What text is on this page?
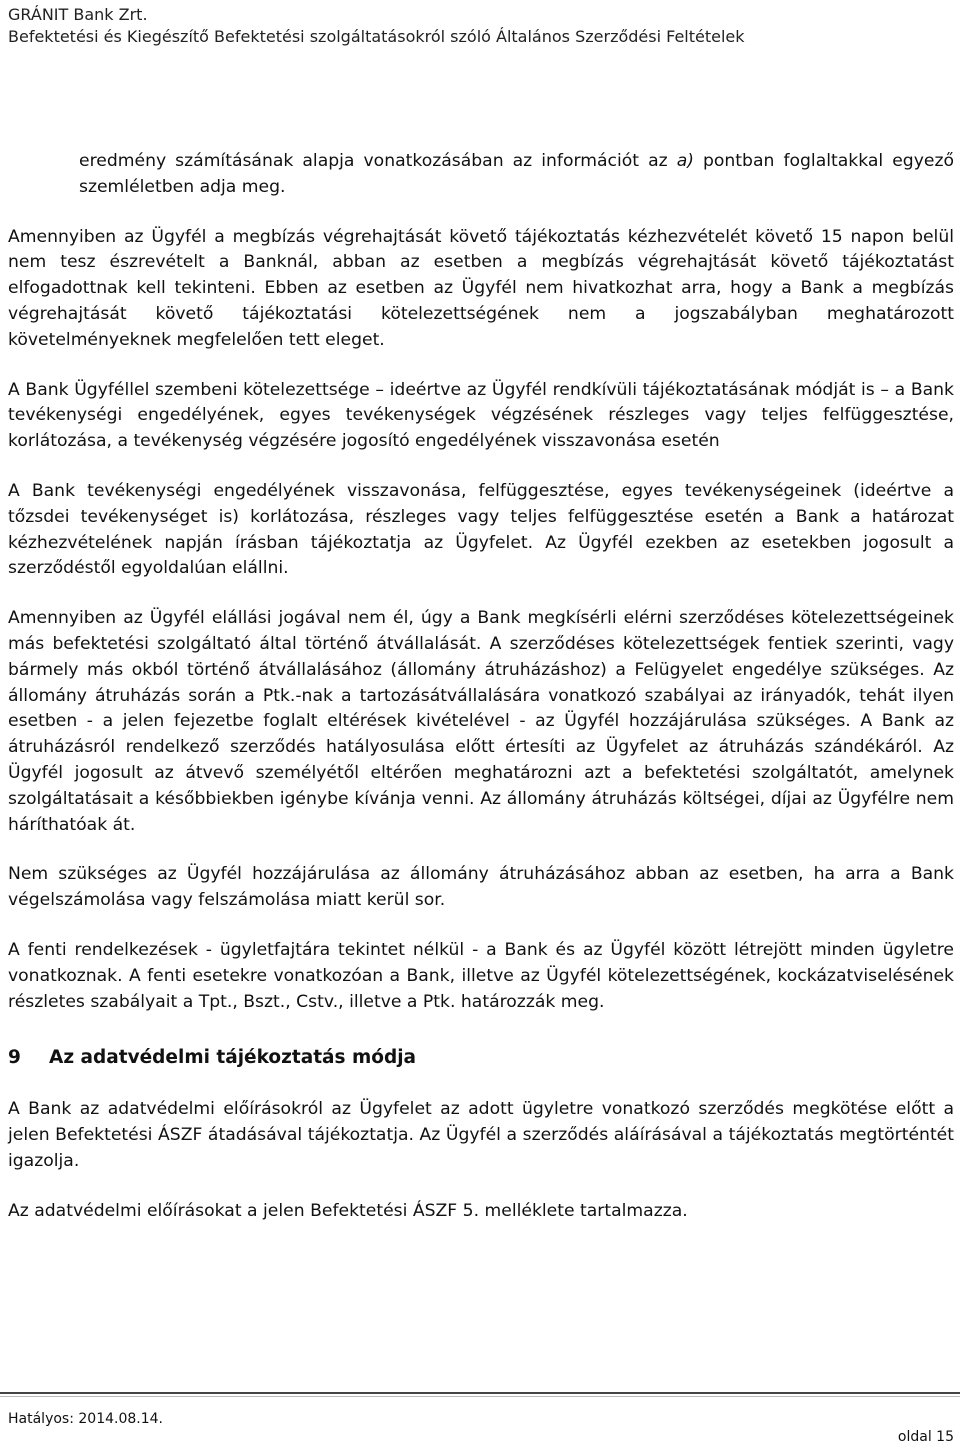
GRÁNIT Bank Zrt.
Befektetési és Kiegészítő Befektetési szolgáltatásokról szóló Általános Szerződési Feltételek

eredmény számításának alapja vonatkozásában az információt az a) pontban foglaltakkal egyező szemléletben adja meg.

Amennyiben az Ügyfél a megbízás végrehajtását követő tájékoztatás kézhezvételét követő 15 napon belül nem tesz észrevételt a Banknál, abban az esetben a megbízás végrehajtását követő tájékoztatást elfogadottnak kell tekinteni. Ebben az esetben az Ügyfél nem hivatkozhat arra, hogy a Bank a megbízás végrehajtását követő tájékoztatási kötelezettségének nem a jogszabályban meghatározott követelményeknek megfelelően tett eleget.

A Bank Ügyféllel szembeni kötelezettsége – ideértve az Ügyfél rendkívüli tájékoztatásának módját is – a Bank tevékenységi engedélyének, egyes tevékenységek végzésének részleges vagy teljes felfüggesztése, korlátozása, a tevékenység végzésére jogosító engedélyének visszavonása esetén

A Bank tevékenységi engedélyének visszavonása, felfüggesztése, egyes tevékenységeinek (ideértve a tőzsdei tevékenységet is) korlátozása, részleges vagy teljes felfüggesztése esetén a Bank a határozat kézhezvételének napján írásban tájékoztatja az Ügyfelet. Az Ügyfél ezekben az esetekben jogosult a szerződéstől egyoldalúan elállni.

Amennyiben az Ügyfél elállási jogával nem él, úgy a Bank megkísérli elérni szerződéses kötelezettségeinek más befektetési szolgáltató által történő átvállalását. A szerződéses kötelezettségek fentiek szerinti, vagy bármely más okból történő átvállalásához (állomány átruházáshoz) a Felügyelet engedélye szükséges. Az állomány átruházás során a Ptk.-nak a tartozásátvállalására vonatkozó szabályai az irányadók, tehát ilyen esetben - a jelen fejezetbe foglalt eltérések kivételével - az Ügyfél hozzájárulása szükséges. A Bank az átruházásról rendelkező szerződés hatályosulása előtt értesíti az Ügyfelet az átruházás szándékáról. Az Ügyfél jogosult az átvevő személyétől eltérően meghatározni azt a befektetési szolgáltatót, amelynek szolgáltatásait a későbbiekben igénybe kívánja venni. Az állomány átruházás költségei, díjai az Ügyfélre nem háríthatóak át.

Nem szükséges az Ügyfél hozzájárulása az állomány átruházásához abban az esetben, ha arra a Bank végelszámolása vagy felszámolása miatt kerül sor.

A fenti rendelkezések - ügyletfajtára tekintet nélkül - a Bank és az Ügyfél között létrejött minden ügyletre vonatkoznak. A fenti esetekre vonatkozóan a Bank, illetve az Ügyfél kötelezettségének, kockázatviselésének részletes szabályait a Tpt., Bszt., Cstv., illetve a Ptk. határozzák meg.

9	Az adatvédelmi tájékoztatás módja

A Bank az adatvédelmi előírásokról az Ügyfelet az adott ügyletre vonatkozó szerződés megkötése előtt a jelen Befektetési ÁSZF átadásával tájékoztatja. Az Ügyfél a szerződés aláírásával a tájékoztatás megtörténtét igazolja.

Az adatvédelmi előírásokat a jelen Befektetési ÁSZF 5. melléklete tartalmazza.

Hatályos: 2014.08.14.
oldal 15
